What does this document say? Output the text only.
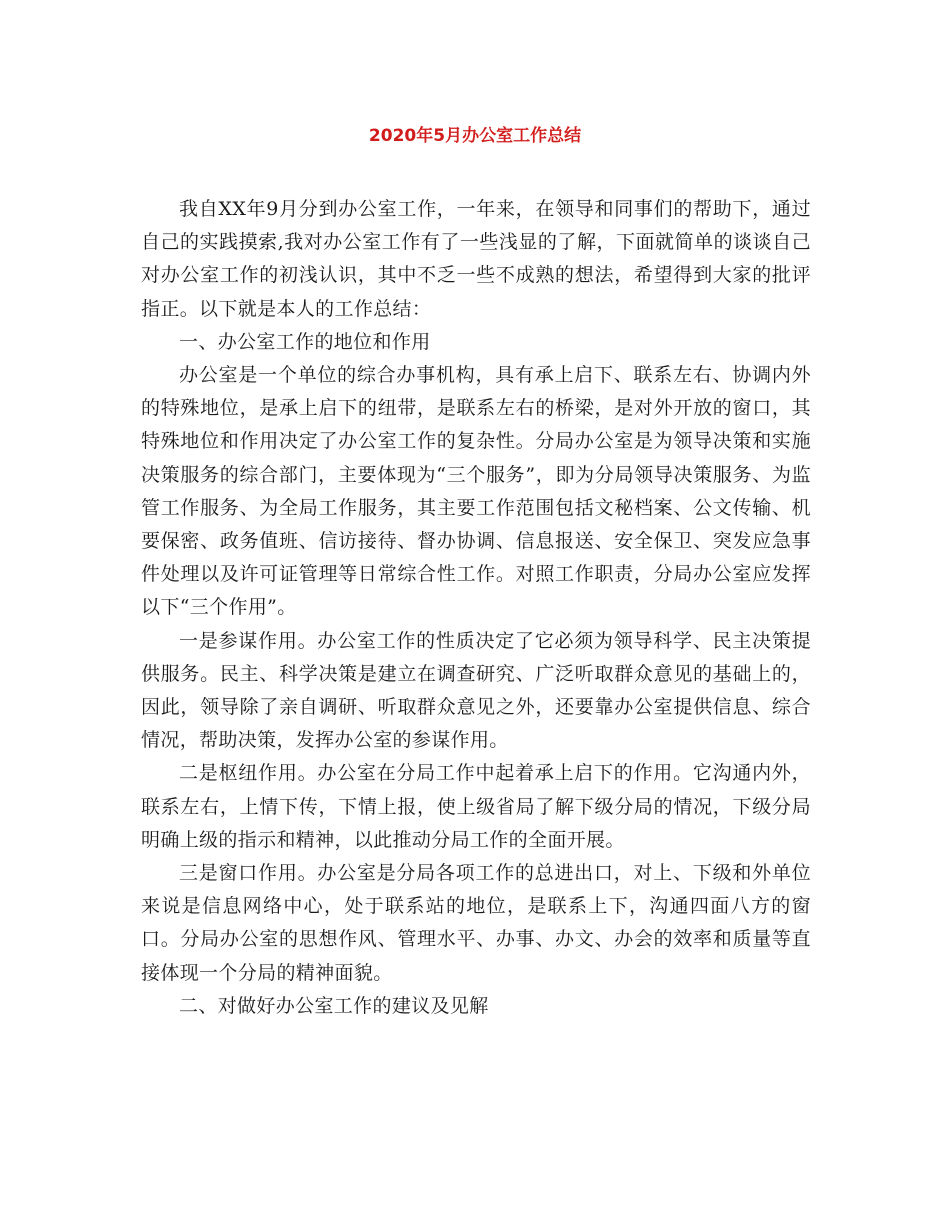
2020年5月办公室工作总结

我自XX年9月分到办公室工作，一年来，在领导和同事们的帮助下，通过自己的实践摸索,我对办公室工作有了一些浅显的了解，下面就简单的谈谈自己对办公室工作的初浅认识，其中不乏一些不成熟的想法，希望得到大家的批评指正。以下就是本人的工作总结：

一、办公室工作的地位和作用

办公室是一个单位的综合办事机构，具有承上启下、联系左右、协调内外的特殊地位，是承上启下的纽带，是联系左右的桥梁，是对外开放的窗口，其特殊地位和作用决定了办公室工作的复杂性。分局办公室是为领导决策和实施决策服务的综合部门，主要体现为“三个服务”，即为分局领导决策服务、为监管工作服务、为全局工作服务，其主要工作范围包括文秘档案、公文传输、机要保密、政务值班、信访接待、督办协调、信息报送、安全保卫、突发应急事件处理以及许可证管理等日常综合性工作。对照工作职责，分局办公室应发挥以下“三个作用”。

一是参谋作用。办公室工作的性质决定了它必须为领导科学、民主决策提供服务。民主、科学决策是建立在调查研究、广泛听取群众意见的基础上的，因此，领导除了亲自调研、听取群众意见之外，还要靠办公室提供信息、综合情况，帮助决策，发挥办公室的参谋作用。

二是枢纽作用。办公室在分局工作中起着承上启下的作用。它沟通内外，联系左右，上情下传，下情上报，使上级省局了解下级分局的情况，下级分局明确上级的指示和精神，以此推动分局工作的全面开展。

三是窗口作用。办公室是分局各项工作的总进出口，对上、下级和外单位来说是信息网络中心，处于联系站的地位，是联系上下，沟通四面八方的窗口。分局办公室的思想作风、管理水平、办事、办文、办会的效率和质量等直接体现一个分局的精神面貌。

二、对做好办公室工作的建议及见解
